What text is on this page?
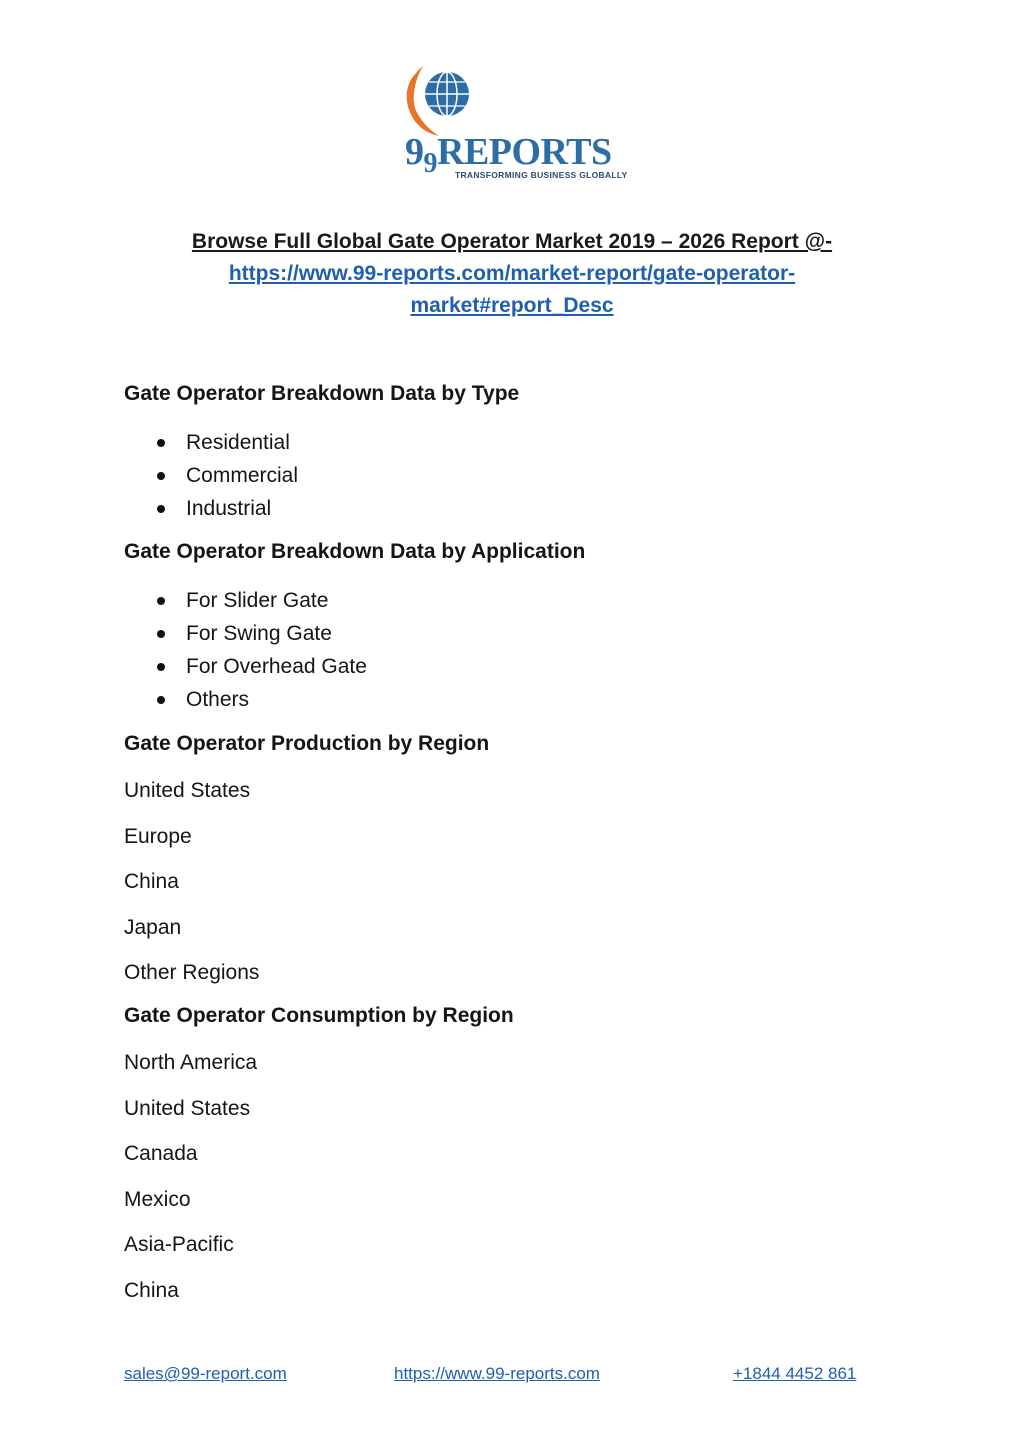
$9_9REPORTS$
TRANSFORMING BUSINESS GLOBALLY
Browse Full Global Gate Operator Market 2019 – 2026 Report @-
https://www.99-reports.com/market-report/gate-operator-
market#report_Desc
Gate Operator Breakdown Data by Type
Residential
Commercial
Industrial
Gate Operator Breakdown Data by Application
For Slider Gate
For Swing Gate
For Overhead Gate
Others
Gate Operator Production by Region
United States
Europe
China
Japan
Other Regions
Gate Operator Consumption by Region
North America
United States
Canada
Mexico
Asia-Pacific
China
sales@99-report.com	https://www.99-reports.com	+1844 4452 861
